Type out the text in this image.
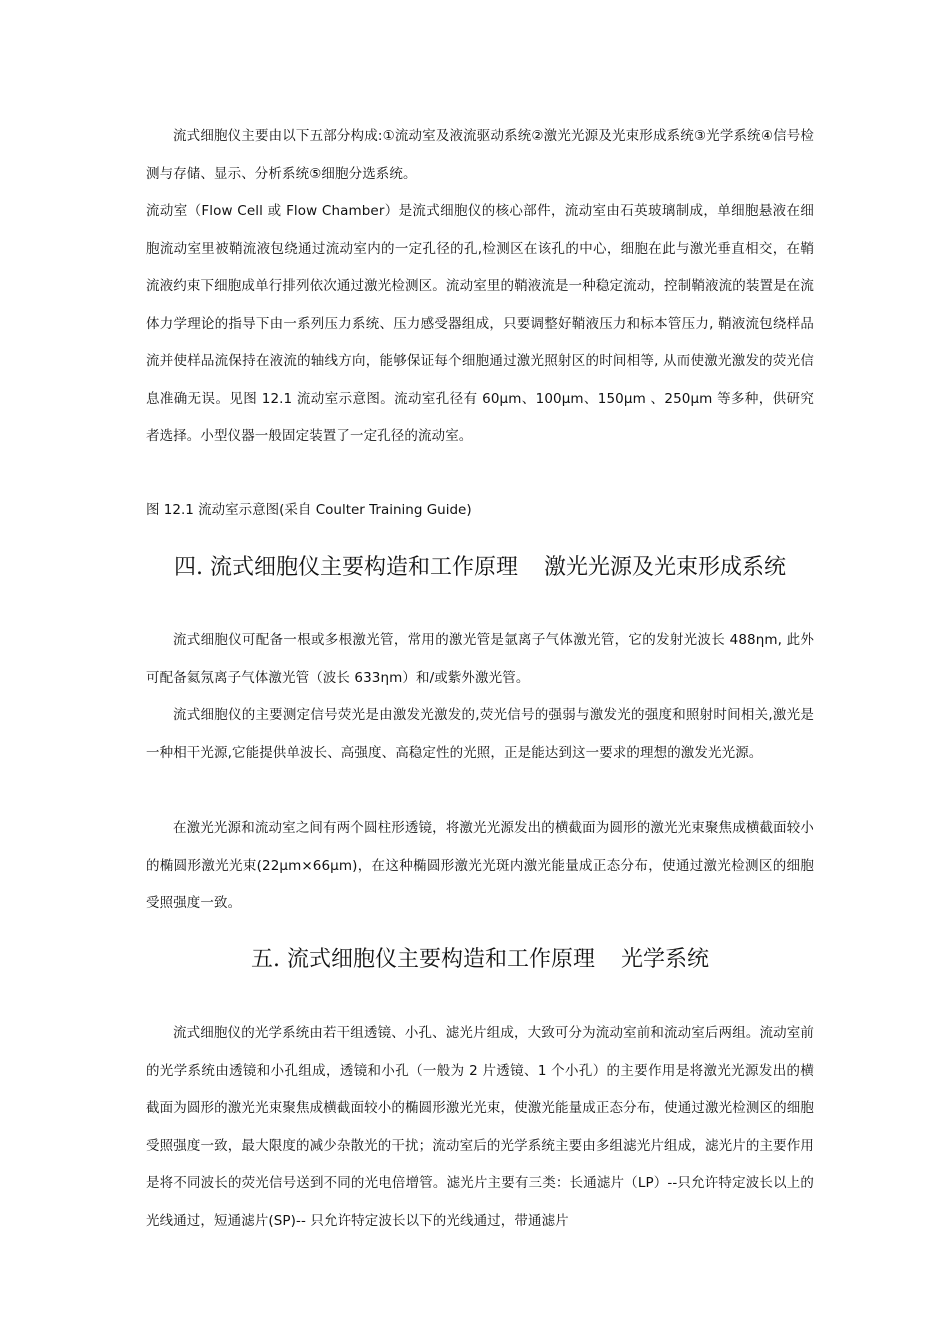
流式细胞仪主要由以下五部分构成:①流动室及液流驱动系统②激光光源及光束形成系统③光学系统④信号检测与存储、显示、分析系统⑤细胞分选系统。

流动室（Flow Cell 或 Flow Chamber）是流式细胞仪的核心部件，流动室由石英玻璃制成，单细胞悬液在细胞流动室里被鞘流液包绕通过流动室内的一定孔径的孔,检测区在该孔的中心，细胞在此与激光垂直相交，在鞘流液约束下细胞成单行排列依次通过激光检测区。流动室里的鞘液流是一种稳定流动，控制鞘液流的装置是在流体力学理论的指导下由一系列压力系统、压力感受器组成，只要调整好鞘液压力和标本管压力, 鞘液流包绕样品流并使样品流保持在液流的轴线方向，能够保证每个细胞通过激光照射区的时间相等, 从而使激光激发的荧光信息准确无误。见图 12.1 流动室示意图。流动室孔径有 60μm、100μm、150μm 、250μm 等多种，供研究者选择。小型仪器一般固定装置了一定孔径的流动室。

图 12.1 流动室示意图(采自 Coulter Training Guide)

四. 流式细胞仪主要构造和工作原理 激光光源及光束形成系统

流式细胞仪可配备一根或多根激光管，常用的激光管是氩离子气体激光管，它的发射光波长 488ηm, 此外可配备氦氖离子气体激光管（波长 633ηm）和/或紫外激光管。

流式细胞仪的主要测定信号荧光是由激发光激发的,荧光信号的强弱与激发光的强度和照射时间相关,激光是一种相干光源,它能提供单波长、高强度、高稳定性的光照，正是能达到这一要求的理想的激发光光源。

在激光光源和流动室之间有两个圆柱形透镜，将激光光源发出的横截面为圆形的激光光束聚焦成横截面较小的椭圆形激光光束(22μm×66μm)，在这种椭圆形激光光斑内激光能量成正态分布，使通过激光检测区的细胞受照强度一致。

五. 流式细胞仪主要构造和工作原理 光学系统

流式细胞仪的光学系统由若干组透镜、小孔、滤光片组成，大致可分为流动室前和流动室后两组。流动室前的光学系统由透镜和小孔组成，透镜和小孔（一般为 2 片透镜、1 个小孔）的主要作用是将激光光源发出的横截面为圆形的激光光束聚焦成横截面较小的椭圆形激光光束，使激光能量成正态分布，使通过激光检测区的细胞受照强度一致，最大限度的减少杂散光的干扰；流动室后的光学系统主要由多组滤光片组成，滤光片的主要作用是将不同波长的荧光信号送到不同的光电倍增管。滤光片主要有三类：长通滤片（LP）--只允许特定波长以上的光线通过，短通滤片(SP)-- 只允许特定波长以下的光线通过，带通滤片
